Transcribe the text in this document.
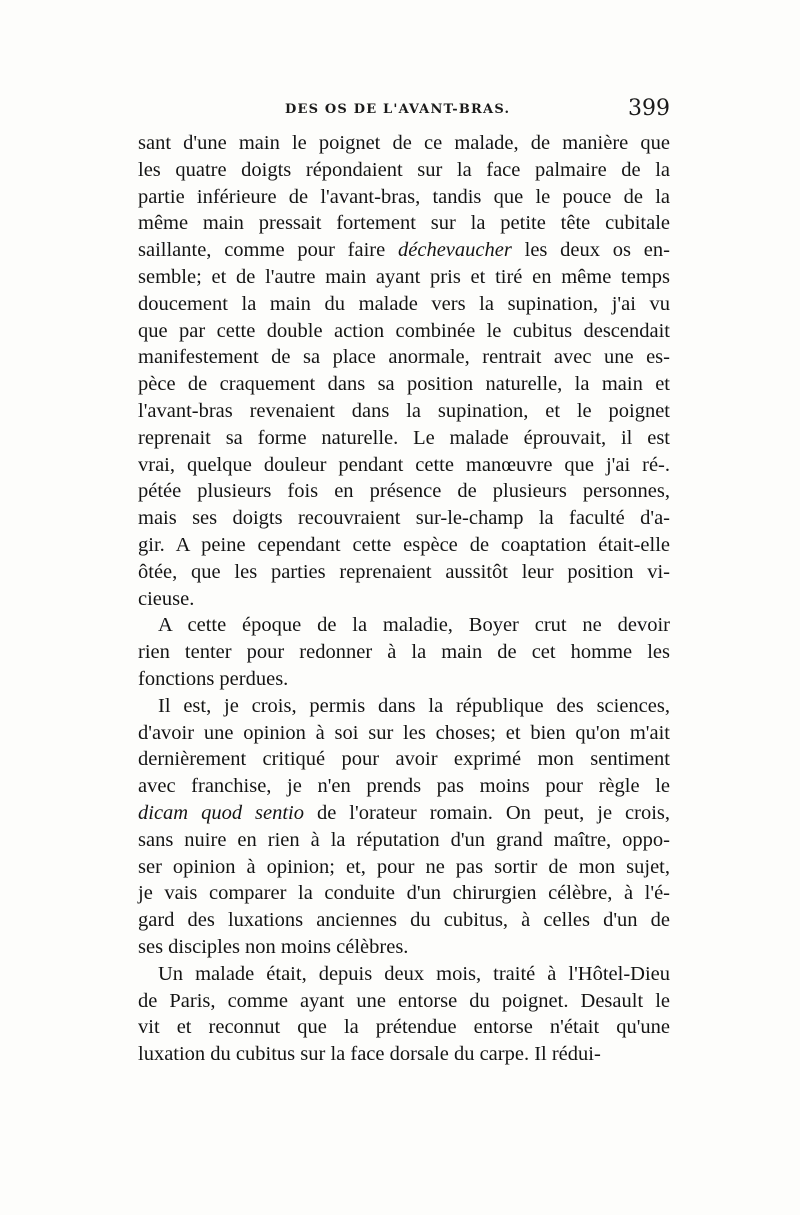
DES OS DE L'AVANT-BRAS.	399
sant d'une main le poignet de ce malade, de manière que
les quatre doigts répondaient sur la face palmaire de la
partie inférieure de l'avant-bras, tandis que le pouce de la
même main pressait fortement sur la petite tête cubitale
saillante, comme pour faire déchevaucher les deux os en-
semble; et de l'autre main ayant pris et tiré en même temps
doucement la main du malade vers la supination, j'ai vu
que par cette double action combinée le cubitus descendait
manifestement de sa place anormale, rentrait avec une es-
pèce de craquement dans sa position naturelle, la main et
l'avant-bras revenaient dans la supination, et le poignet
reprenait sa forme naturelle. Le malade éprouvait, il est
vrai, quelque douleur pendant cette manœuvre que j'ai ré-.
pétée plusieurs fois en présence de plusieurs personnes,
mais ses doigts recouvraient sur-le-champ la faculté d'a-
gir. A peine cependant cette espèce de coaptation était-elle
ôtée, que les parties reprenaient aussitôt leur position vi-
cieuse.
A cette époque de la maladie, Boyer crut ne devoir
rien tenter pour redonner à la main de cet homme les
fonctions perdues.
Il est, je crois, permis dans la république des sciences,
d'avoir une opinion à soi sur les choses; et bien qu'on m'ait
dernièrement critiqué pour avoir exprimé mon sentiment
avec franchise, je n'en prends pas moins pour règle le
dicam quod sentio de l'orateur romain. On peut, je crois,
sans nuire en rien à la réputation d'un grand maître, oppo-
ser opinion à opinion; et, pour ne pas sortir de mon sujet,
je vais comparer la conduite d'un chirurgien célèbre, à l'é-
gard des luxations anciennes du cubitus, à celles d'un de
ses disciples non moins célèbres.
Un malade était, depuis deux mois, traité à l'Hôtel-Dieu
de Paris, comme ayant une entorse du poignet. Desault le
vit et reconnut que la prétendue entorse n'était qu'une
luxation du cubitus sur la face dorsale du carpe. Il rédui-
